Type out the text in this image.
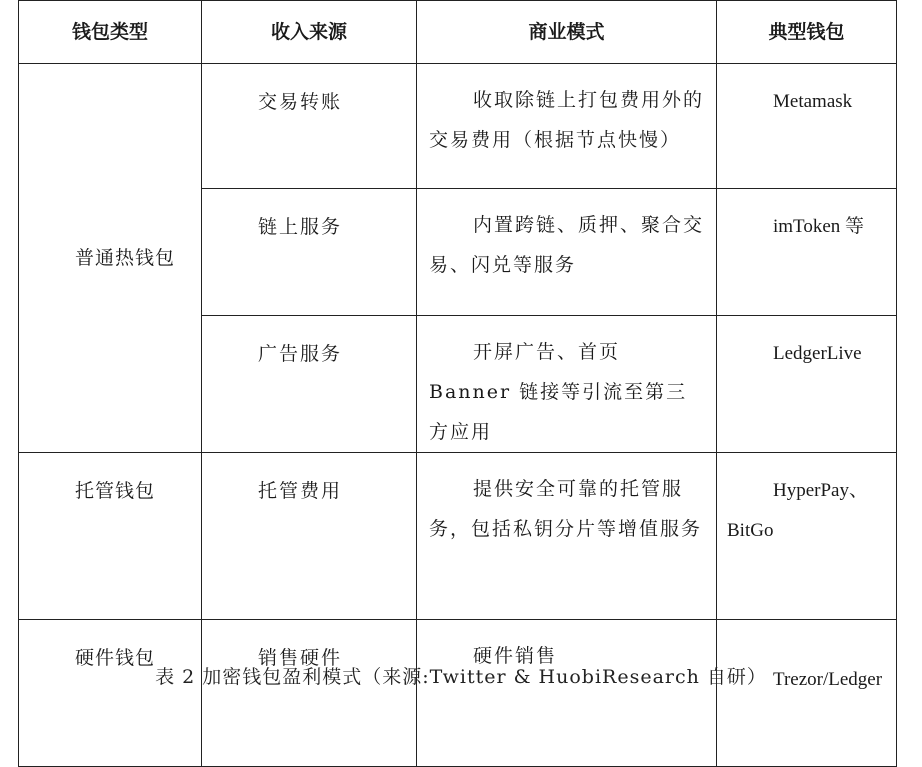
钱包类型	收入来源	商业模式	典型钱包
普通热钱包	交易转账	收取除链上打包费用外的交易费用（根据节点快慢）	Metamask
	链上服务	内置跨链、质押、聚合交易、闪兑等服务	imToken 等
	广告服务	开屏广告、首页 Banner 链接等引流至第三方应用	LedgerLive
托管钱包	托管费用	提供安全可靠的托管服务，包括私钥分片等增值服务	HyperPay、BitGo
硬件钱包	销售硬件	硬件销售	Trezor/Ledger
表 2 加密钱包盈利模式（来源:Twitter & HuobiResearch 自研）
